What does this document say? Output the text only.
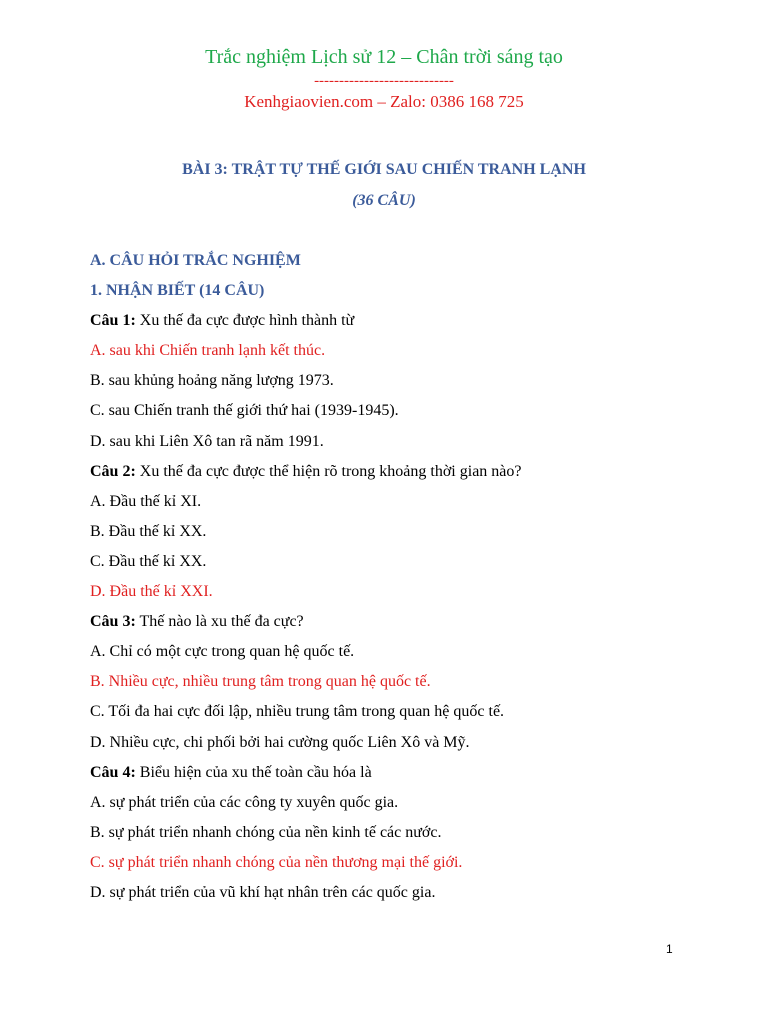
Trắc nghiệm Lịch sử 12 – Chân trời sáng tạo
----------------------------
Kenhgiaovien.com – Zalo: 0386 168 725
BÀI 3: TRẬT TỰ THẾ GIỚI SAU CHIẾN TRANH LẠNH
(36 CÂU)
A. CÂU HỎI TRẮC NGHIỆM
1. NHẬN BIẾT (14 CÂU)
Câu 1: Xu thế đa cực được hình thành từ
A. sau khi Chiến tranh lạnh kết thúc.
B. sau khủng hoảng năng lượng 1973.
C. sau Chiến tranh thế giới thứ hai (1939-1945).
D. sau khi Liên Xô tan rã năm 1991.
Câu 2: Xu thế đa cực được thể hiện rõ trong khoảng thời gian nào?
A. Đầu thế kỉ XI.
B. Đầu thế kỉ XX.
C. Đầu thế kỉ XX.
D. Đầu thế kỉ XXI.
Câu 3: Thế nào là xu thế đa cực?
A. Chỉ có một cực trong quan hệ quốc tế.
B. Nhiều cực, nhiều trung tâm trong quan hệ quốc tế.
C. Tối đa hai cực đối lập, nhiều trung tâm trong quan hệ quốc tế.
D. Nhiều cực, chi phối bởi hai cường quốc Liên Xô và Mỹ.
Câu 4: Biểu hiện của xu thế toàn cầu hóa là
A. sự phát triển của các công ty xuyên quốc gia.
B. sự phát triển nhanh chóng của nền kinh tế các nước.
C. sự phát triển nhanh chóng của nền thương mại thế giới.
D. sự phát triển của vũ khí hạt nhân trên các quốc gia.
1
